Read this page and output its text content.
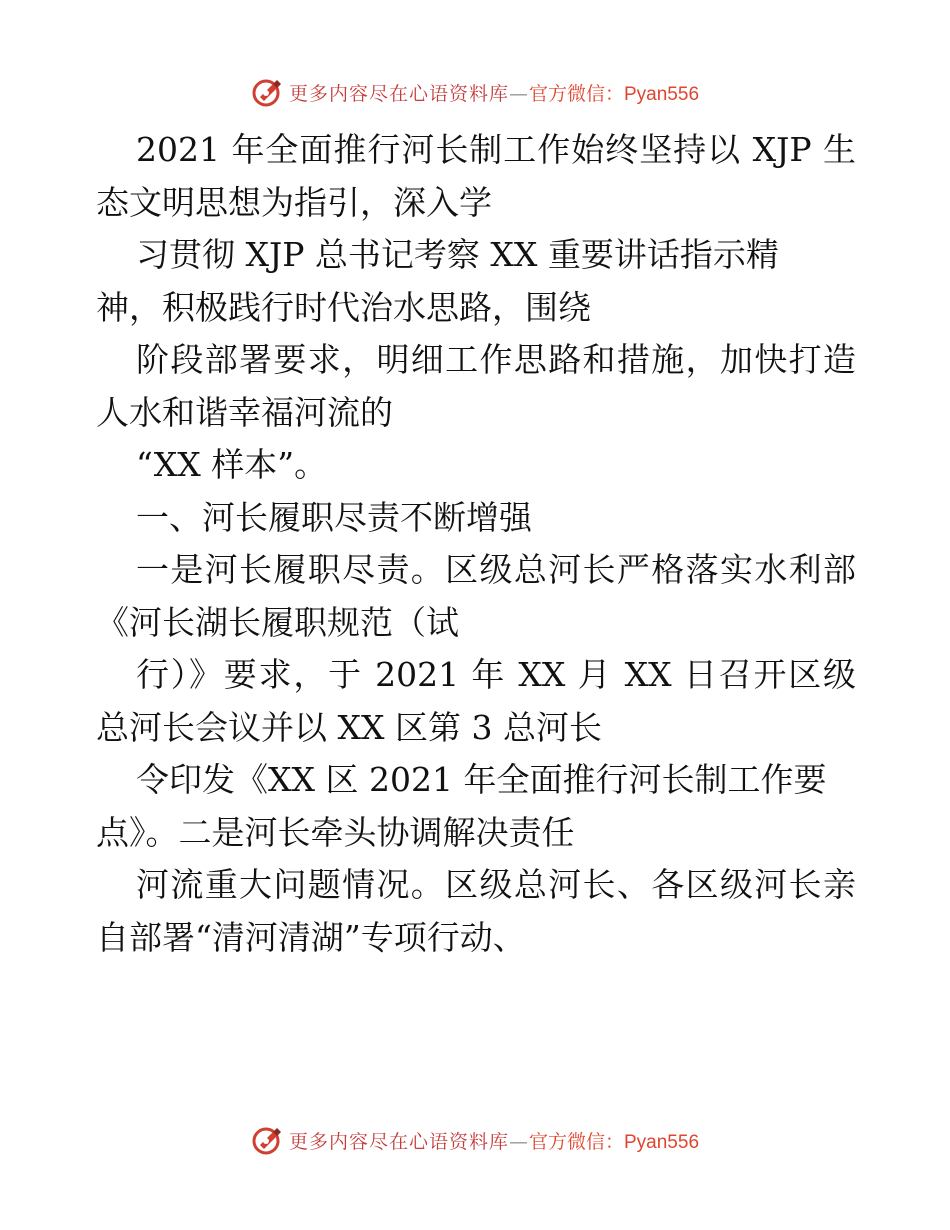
更多内容尽在心语资料库—官方微信：Pyan556

2021 年全面推行河长制工作始终坚持以 XJP 生

态文明思想为指引，深入学

习贯彻 XJP 总书记考察 XX 重要讲话指示精

神，积极践行时代治水思路，围绕

阶段部署要求，明细工作思路和措施，加快打造

人水和谐幸福河流的

“XX 样本”。

一、河长履职尽责不断增强

一是河长履职尽责。区级总河长严格落实水利部

《河长湖长履职规范（试

行）》要求，于 2021 年 XX 月 XX 日召开区级

总河长会议并以 XX 区第 3 总河长

令印发《XX 区 2021 年全面推行河长制工作要

点》。二是河长牵头协调解决责任

河流重大问题情况。区级总河长、各区级河长亲

自部署“清河清湖”专项行动、

更多内容尽在心语资料库—官方微信：Pyan556
